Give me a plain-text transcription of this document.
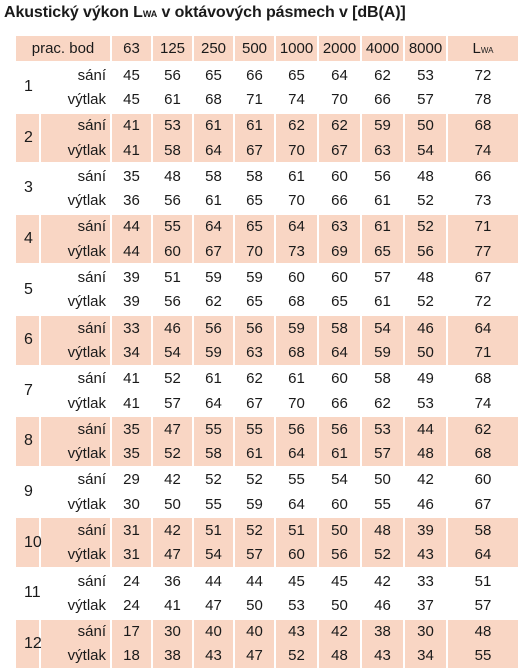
Akustický výkon LWA v oktávových pásmech v [dB(A)]
prac. bod		63	125	250	500	1000	2000	4000	8000	LWA
1	sání	45	56	65	66	65	64	62	53	72
	výtlak	45	61	68	71	74	70	66	57	78
2	sání	41	53	61	61	62	62	59	50	68
	výtlak	41	58	64	67	70	67	63	54	74
3	sání	35	48	58	58	61	60	56	48	66
	výtlak	36	56	61	65	70	66	61	52	73
4	sání	44	55	64	65	64	63	61	52	71
	výtlak	44	60	67	70	73	69	65	56	77
5	sání	39	51	59	59	60	60	57	48	67
	výtlak	39	56	62	65	68	65	61	52	72
6	sání	33	46	56	56	59	58	54	46	64
	výtlak	34	54	59	63	68	64	59	50	71
7	sání	41	52	61	62	61	60	58	49	68
	výtlak	41	57	64	67	70	66	62	53	74
8	sání	35	47	55	55	56	56	53	44	62
	výtlak	35	52	58	61	64	61	57	48	68
9	sání	29	42	52	52	55	54	50	42	60
	výtlak	30	50	55	59	64	60	55	46	67
10	sání	31	42	51	52	51	50	48	39	58
	výtlak	31	47	54	57	60	56	52	43	64
11	sání	24	36	44	44	45	45	42	33	51
	výtlak	24	41	47	50	53	50	46	37	57
12	sání	17	30	40	40	43	42	38	30	48
	výtlak	18	38	43	47	52	48	43	34	55
